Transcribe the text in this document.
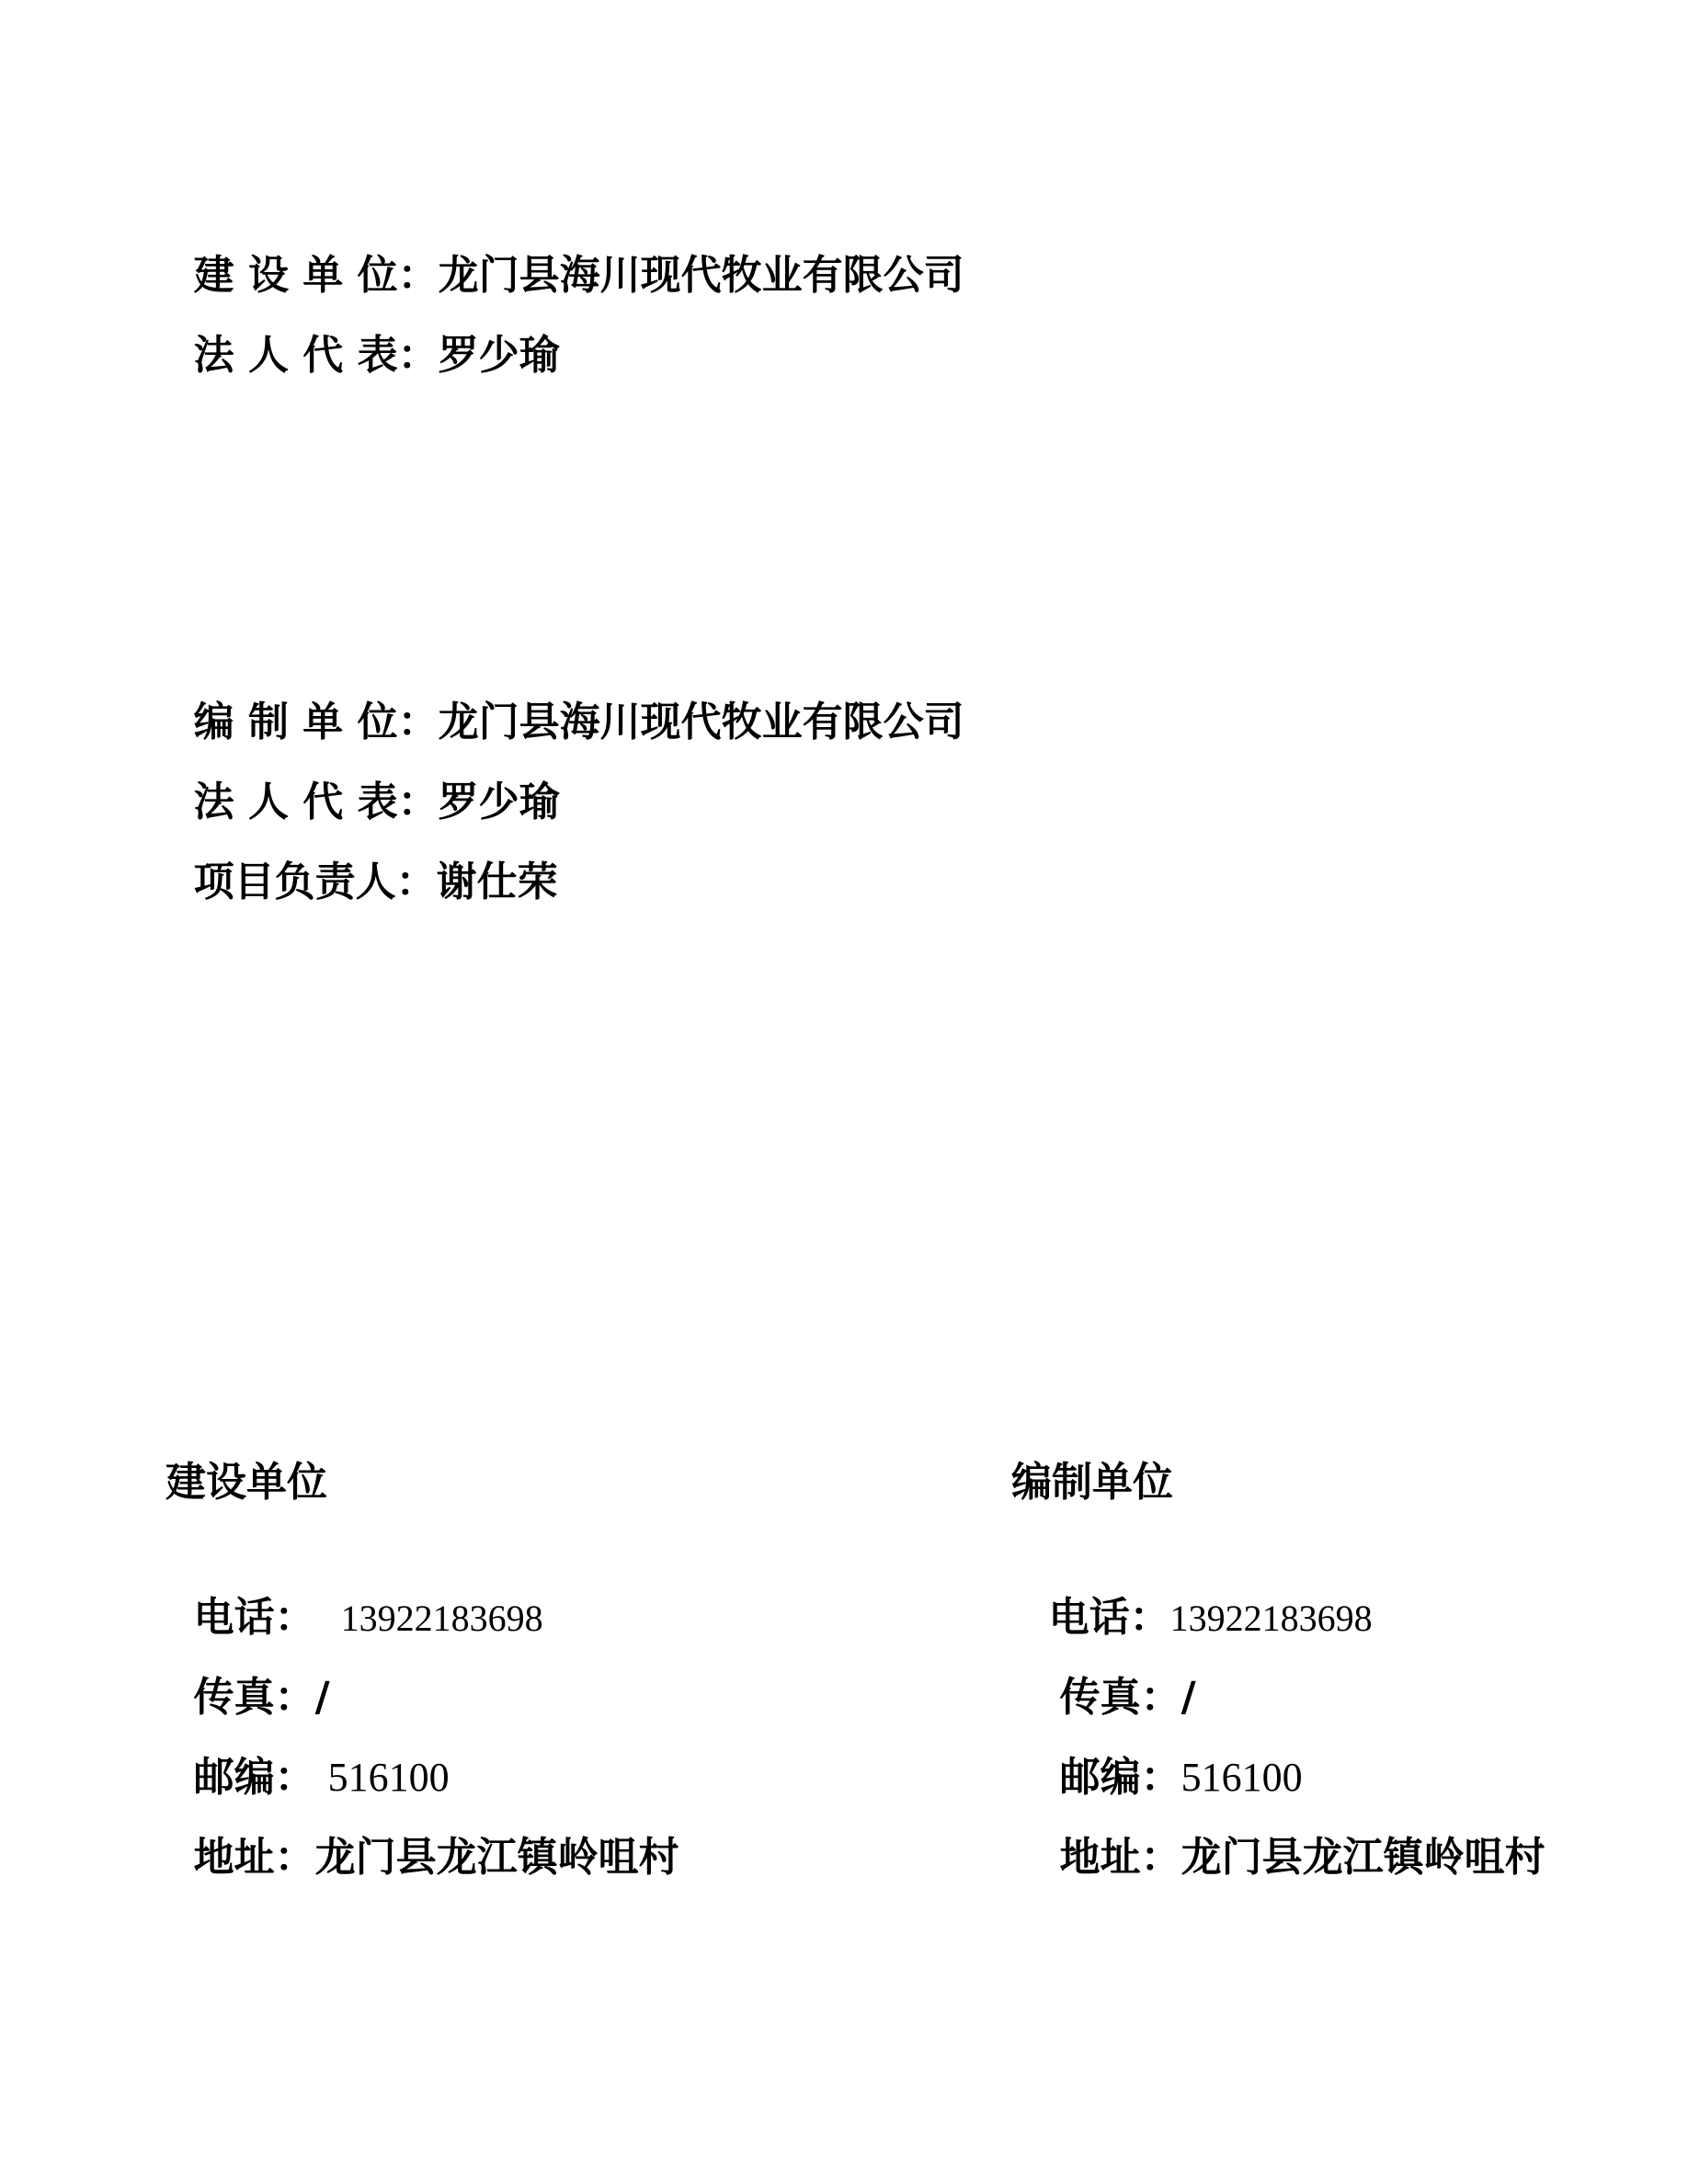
建 设 单 位：龙门县海川现代牧业有限公司

法 人 代 表：罗少瑜

编 制 单 位：龙门县海川现代牧业有限公司

法 人 代 表：罗少瑜

项目负责人：谢仕荣

建设单位

电话： 13922183698

传真：/

邮编： 516100

地址：龙门县龙江镇岭咀村

编制单位

电话：13922183698

传真：/

邮编：516100

地址：龙门县龙江镇岭咀村
